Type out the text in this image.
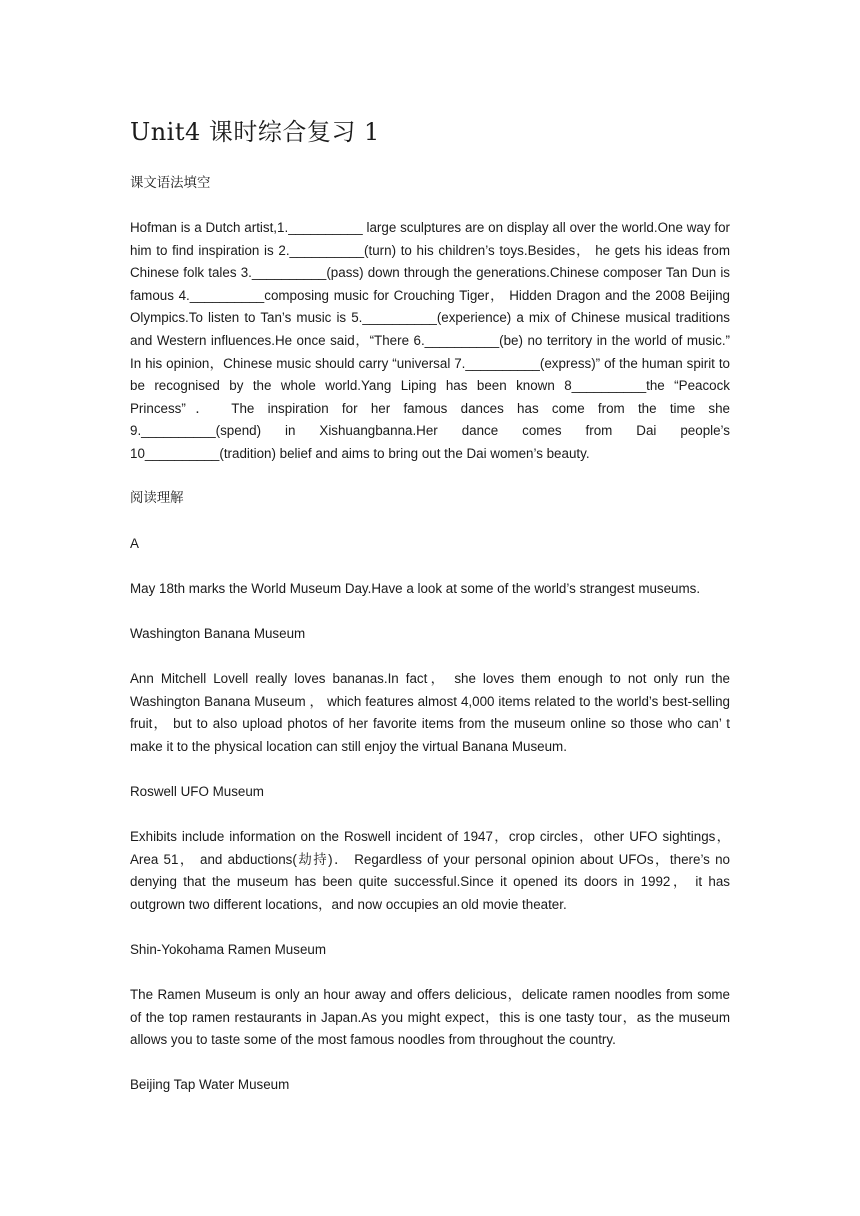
Unit4 课时综合复习 1

课文语法填空

Hofman is a Dutch artist,1.__________ large sculptures are on display all over the world.One way for him to find inspiration is 2.__________(turn) to his children’s toys.Besides， he gets his ideas from Chinese folk tales 3.__________(pass) down through the generations.Chinese composer Tan Dun is famous 4.__________composing music for Crouching Tiger， Hidden Dragon and the 2008 Beijing Olympics.To listen to Tan’s music is 5.__________(experience) a mix of Chinese musical traditions and Western influences.He once said，“There 6.__________(be) no territory in the world of music.” In his opinion，Chinese music should carry “universal 7.__________(express)” of the human spirit to be recognised by the whole world.Yang Liping has been known 8__________the “Peacock Princess”． The inspiration for her famous dances has come from the time she 9.__________(spend) in Xishuangbanna.Her dance comes from Dai people’s 10__________(tradition) belief and aims to bring out the Dai women’s beauty.

阅读理解

A

May 18th marks the World Museum Day.Have a look at some of the world’s strangest museums.

Washington Banana Museum

Ann Mitchell Lovell really loves bananas.In fact， she loves them enough to not only run the Washington Banana Museum ， which features almost 4,000 items related to the world’s best-selling fruit， but to also upload photos of her favorite items from the museum online so those who can’ t make it to the physical location can still enjoy the virtual Banana Museum.

Roswell UFO Museum

Exhibits include information on the Roswell incident of 1947，crop circles，other UFO sightings，Area 51， and abductions(劫持)． Regardless of your personal opinion about UFOs，there’s no denying that the museum has been quite successful.Since it opened its doors in 1992， it has outgrown two different locations，and now occupies an old movie theater.

Shin-Yokohama Ramen Museum

The Ramen Museum is only an hour away and offers delicious，delicate ramen noodles from some of the top ramen restaurants in Japan.As you might expect，this is one tasty tour，as the museum allows you to taste some of the most famous noodles from throughout the country.

Beijing Tap Water Museum
